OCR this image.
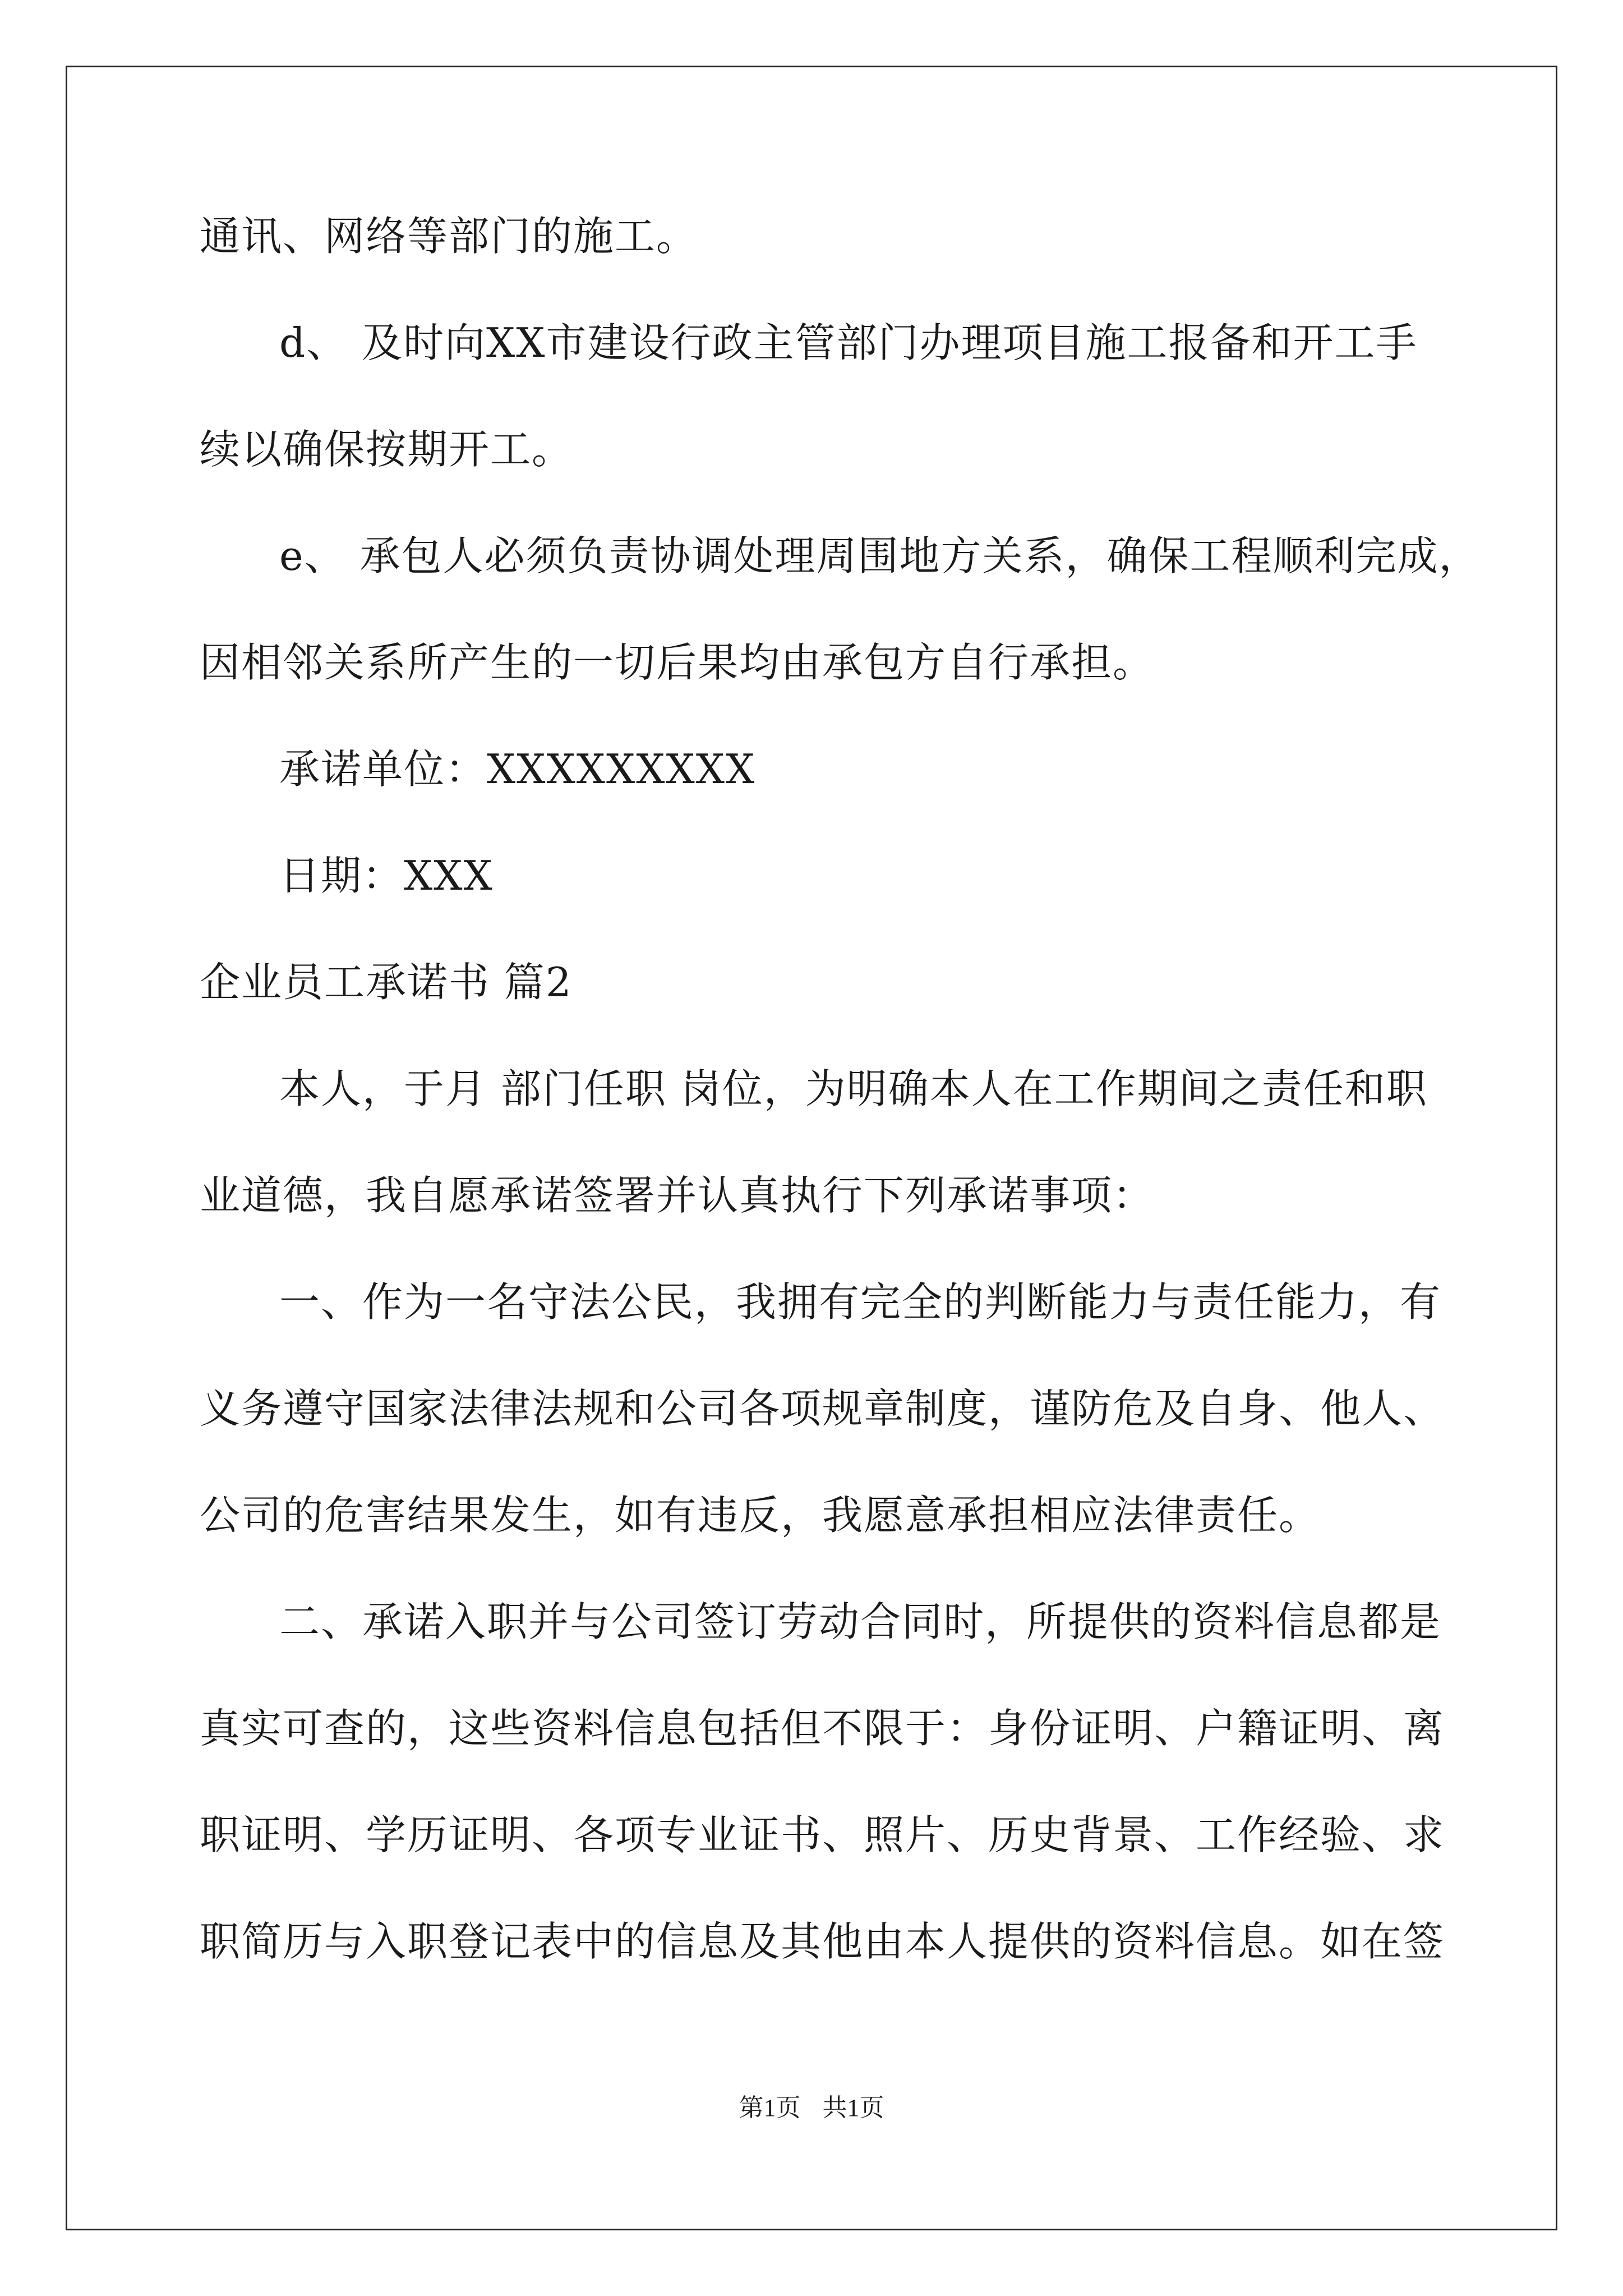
通讯、网络等部门的施工。
d、 及时向XX市建设行政主管部门办理项目施工报备和开工手
续以确保按期开工。
e、 承包人必须负责协调处理周围地方关系，确保工程顺利完成，
因相邻关系所产生的一切后果均由承包方自行承担。
承诺单位：XXXXXXXXX
日期：XXX
企业员工承诺书 篇2
本人，于月 部门任职 岗位，为明确本人在工作期间之责任和职
业道德，我自愿承诺签署并认真执行下列承诺事项：
一、作为一名守法公民，我拥有完全的判断能力与责任能力，有
义务遵守国家法律法规和公司各项规章制度，谨防危及自身、他人、
公司的危害结果发生，如有违反，我愿意承担相应法律责任。
二、承诺入职并与公司签订劳动合同时，所提供的资料信息都是
真实可查的，这些资料信息包括但不限于：身份证明、户籍证明、离
职证明、学历证明、各项专业证书、照片、历史背景、工作经验、求
职简历与入职登记表中的信息及其他由本人提供的资料信息。如在签
第1页 共1页
